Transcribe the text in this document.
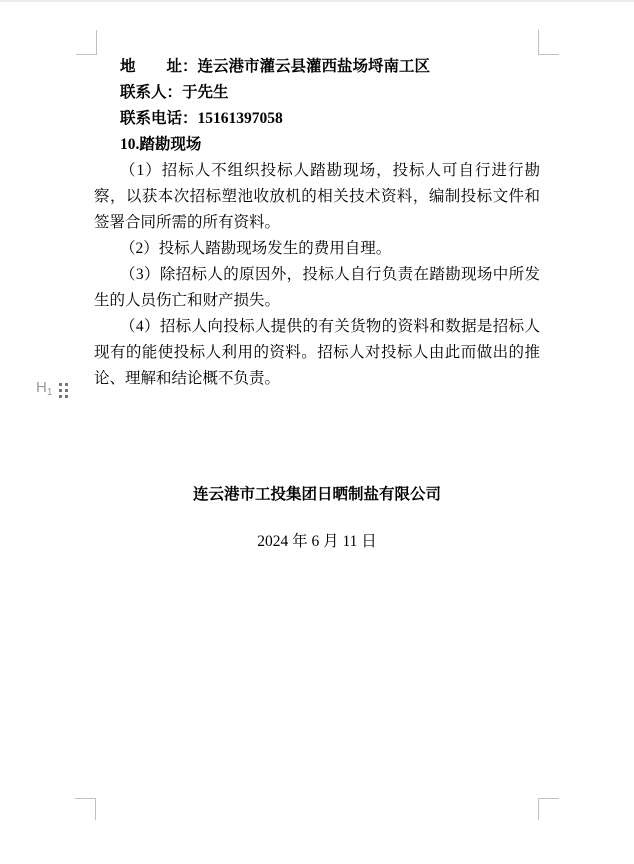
$H_1$

地　　址：连云港市灌云县灌西盐场埒南工区

联系人：于先生

联系电话：15161397058

10.踏勘现场

（1）招标人不组织投标人踏勘现场，投标人可自行进行勘察，以获本次招标塑池收放机的相关技术资料，编制投标文件和签署合同所需的所有资料。

（2）投标人踏勘现场发生的费用自理。

（3）除招标人的原因外，投标人自行负责在踏勘现场中所发生的人员伤亡和财产损失。

（4）招标人向投标人提供的有关货物的资料和数据是招标人现有的能使投标人利用的资料。招标人对投标人由此而做出的推论、理解和结论概不负责。

连云港市工投集团日晒制盐有限公司

2024 年 6 月 11 日
